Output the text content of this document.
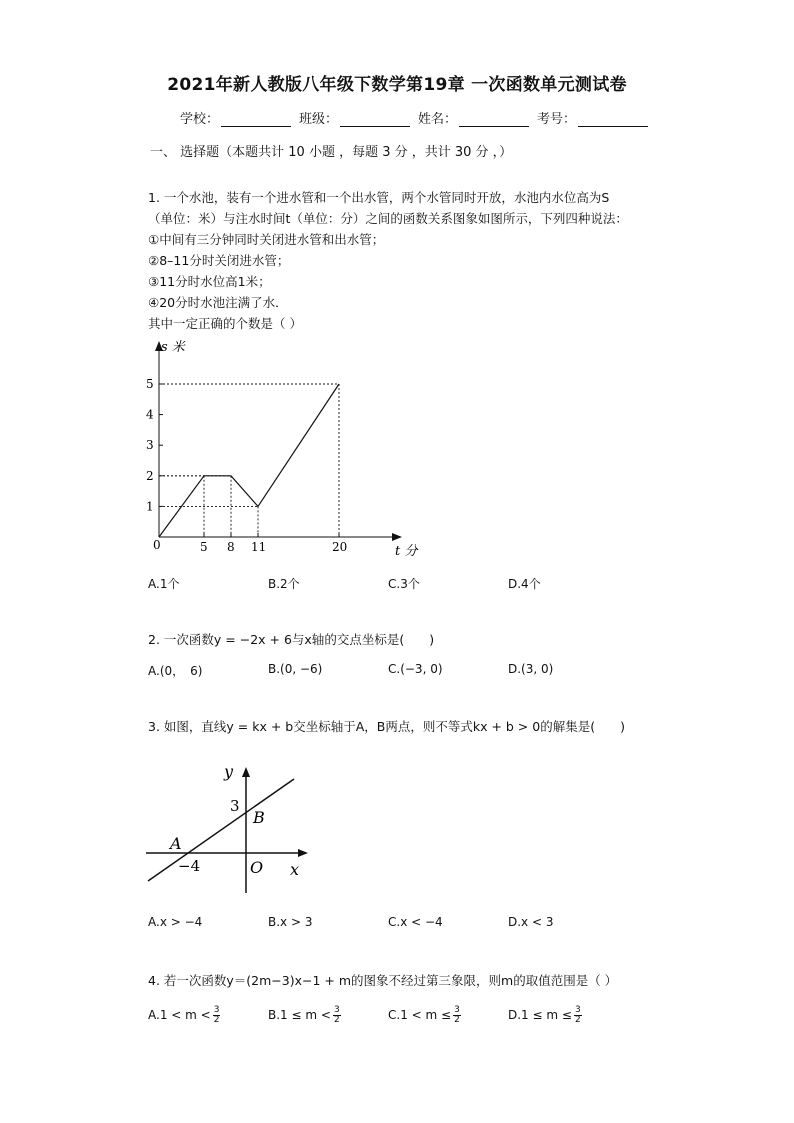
2021年新人教版八年级下数学第19章 一次函数单元测试卷
学校：	班级：	姓名：	考号：
一、 选择题（本题共计 10 小题 ，每题 3 分 ，共计 30 分 ，）
1. 一个水池，装有一个进水管和一个出水管，两个水管同时开放，水池内水位高为S
（单位：米）与注水时间t（单位：分）之间的函数关系图象如图所示，下列四种说法：
①中间有三分钟同时关闭进水管和出水管；
②8–11分时关闭进水管；
③11分时水位高1米；
④20分时水池注满了水．
其中一定正确的个数是（ ）
s 米
t 分
0
1
2
3
4
5
5 8 11	20
A.1个	B.2个	C.3个	D.4个
2. 一次函数y = −2x + 6与x轴的交点坐标是(　　)
A.(0，　6)	B.(0, −6)	C.(−3, 0)	D.(3, 0)
3. 如图，直线y = kx + b交坐标轴于A，B两点，则不等式kx + b > 0的解集是(　　)
y
x
O
A
B
−4
3
A.x > −4	B.x > 3	C.x < −4	D.x < 3
4. 若一次函数y＝(2m−3)x−1 + m的图象不经过第三象限，则m的取值范围是（ ）
$A.1 < m < \frac{3}{2}$	$B.1 \le m < \frac{3}{2}$	$C.1 < m \le \frac{3}{2}$	$D.1 \le m \le \frac{3}{2}$
